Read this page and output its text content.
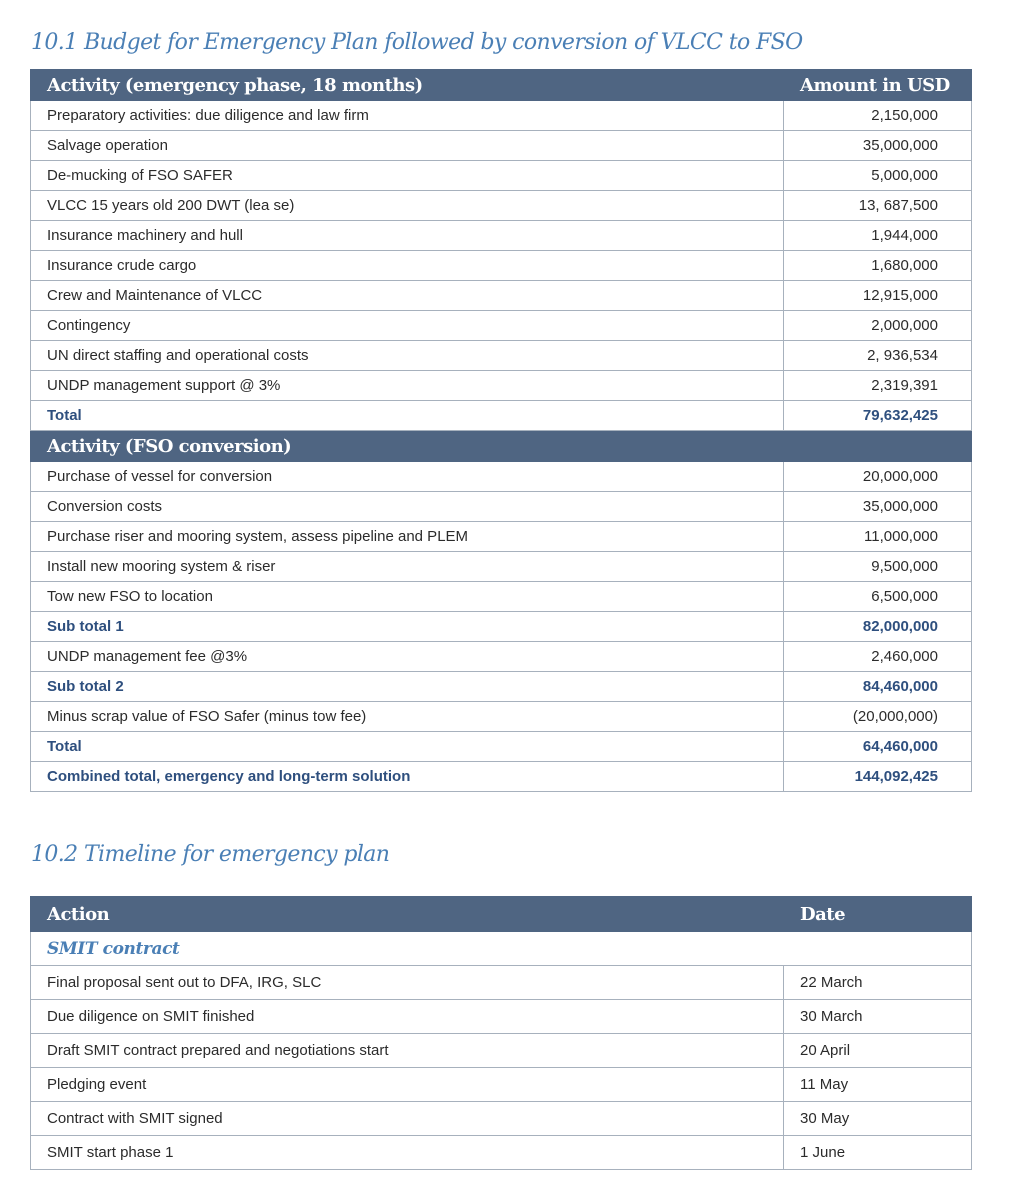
10.1 Budget for Emergency Plan followed by conversion of VLCC to FSO
Activity (emergency phase, 18 months)	Amount in USD
Preparatory activities: due diligence and law firm	2,150,000
Salvage operation	35,000,000
De-mucking of FSO SAFER	5,000,000
VLCC 15 years old 200 DWT (lea se)	13, 687,500
Insurance machinery and hull	1,944,000
Insurance crude cargo	1,680,000
Crew and Maintenance of VLCC	12,915,000
Contingency	2,000,000
UN direct staffing and operational costs	2, 936,534
UNDP management support @ 3%	2,319,391
Total	79,632,425
Activity (FSO conversion)	
Purchase of vessel for conversion	20,000,000
Conversion costs	35,000,000
Purchase riser and mooring system, assess pipeline and PLEM	11,000,000
Install new mooring system & riser	9,500,000
Tow new FSO to location	6,500,000
Sub total 1	82,000,000
UNDP management fee @3%	2,460,000
Sub total 2	84,460,000
Minus scrap value of FSO Safer (minus tow fee)	(20,000,000)
Total	64,460,000
Combined total, emergency and long-term solution	144,092,425
10.2 Timeline for emergency plan
Action	Date
SMIT contract	
Final proposal sent out to DFA, IRG, SLC	22 March
Due diligence on SMIT finished	30 March
Draft SMIT contract prepared and negotiations start	20 April
Pledging event	11 May
Contract with SMIT signed	30 May
SMIT start phase 1	1 June
